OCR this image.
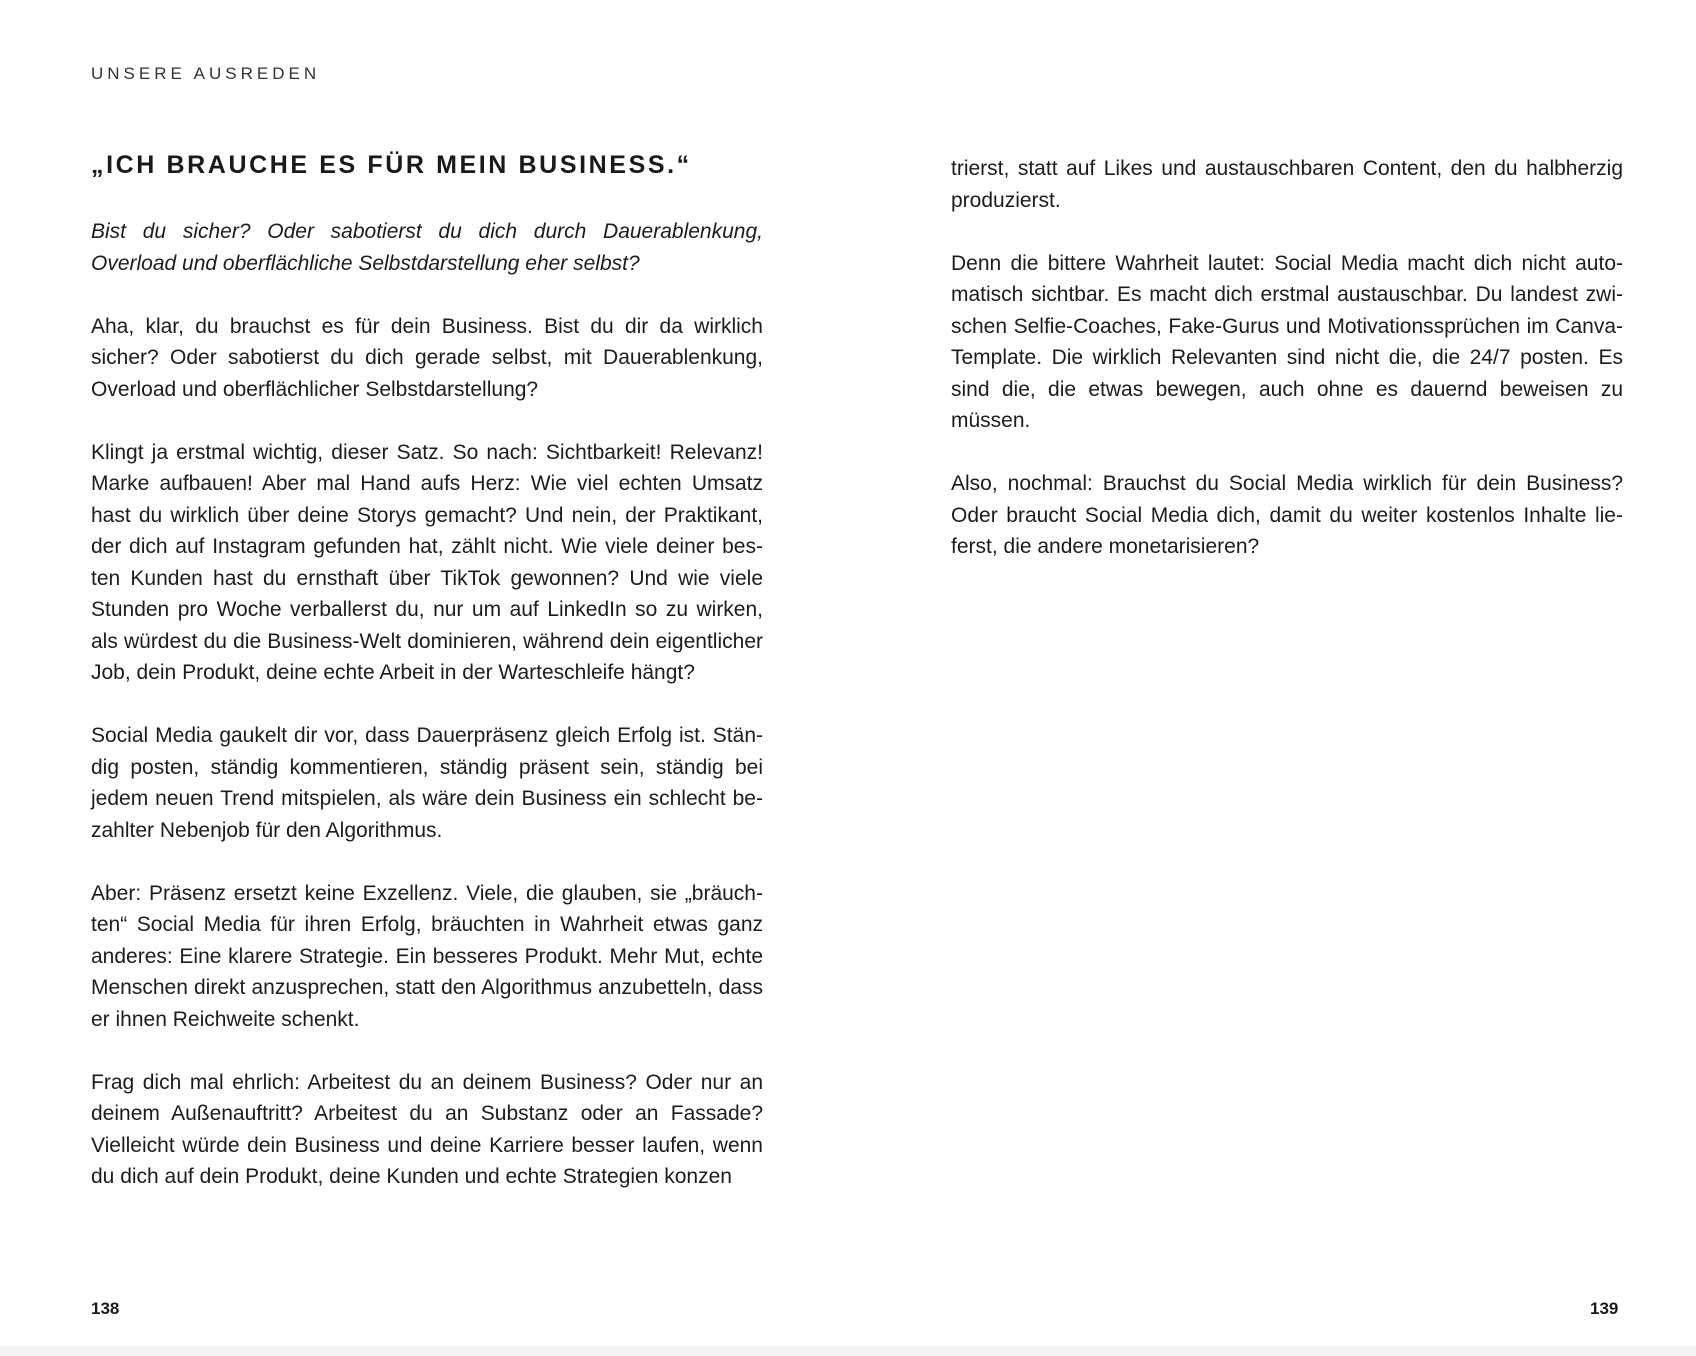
UNSERE AUSREDEN

„ICH BRAUCHE ES FÜR MEIN BUSINESS.“

Bist du sicher? Oder sabotierst du dich durch Dauerablenkung, Overload und oberflächliche Selbstdarstellung eher selbst?

Aha, klar, du brauchst es für dein Business. Bist du dir da wirklich sicher? Oder sabotierst du dich gerade selbst, mit Dauerablenkung, Overload und oberflächlicher Selbstdarstellung?

Klingt ja erstmal wichtig, dieser Satz. So nach: Sichtbarkeit! Relevanz! Marke aufbauen! Aber mal Hand aufs Herz: Wie viel echten Umsatz hast du wirklich über deine Storys gemacht? Und nein, der Praktikant, der dich auf Instagram gefunden hat, zählt nicht. Wie viele deiner besten Kunden hast du ernsthaft über TikTok gewonnen? Und wie viele Stunden pro Woche verballerst du, nur um auf LinkedIn so zu wirken, als würdest du die Business-Welt dominieren, während dein eigentlicher Job, dein Produkt, deine echte Arbeit in der Warteschleife hängt?

Social Media gaukelt dir vor, dass Dauerpräsenz gleich Erfolg ist. Ständig posten, ständig kommentieren, ständig präsent sein, ständig bei jedem neuen Trend mitspielen, als wäre dein Business ein schlecht bezahlter Nebenjob für den Algorithmus.

Aber: Präsenz ersetzt keine Exzellenz. Viele, die glauben, sie „bräuchten“ Social Media für ihren Erfolg, bräuchten in Wahrheit etwas ganz anderes: Eine klarere Strategie. Ein besseres Produkt. Mehr Mut, echte Menschen direkt anzusprechen, statt den Algorithmus anzubetteln, dass er ihnen Reichweite schenkt.

Frag dich mal ehrlich: Arbeitest du an deinem Business? Oder nur an deinem Außenauftritt? Arbeitest du an Substanz oder an Fassade? Vielleicht würde dein Business und deine Karriere besser laufen, wenn du dich auf dein Produkt, deine Kunden und echte Strategien konzen

138

trierst, statt auf Likes und austauschbaren Content, den du halbherzig produzierst.

Denn die bittere Wahrheit lautet: Social Media macht dich nicht automatisch sichtbar. Es macht dich erstmal austauschbar. Du landest zwischen Selfie-Coaches, Fake-Gurus und Motivationssprüchen im Canva-Template. Die wirklich Relevanten sind nicht die, die 24/7 posten. Es sind die, die etwas bewegen, auch ohne es dauernd beweisen zu müssen.

Also, nochmal: Brauchst du Social Media wirklich für dein Business? Oder braucht Social Media dich, damit du weiter kostenlos Inhalte lieferst, die andere monetarisieren?

139
